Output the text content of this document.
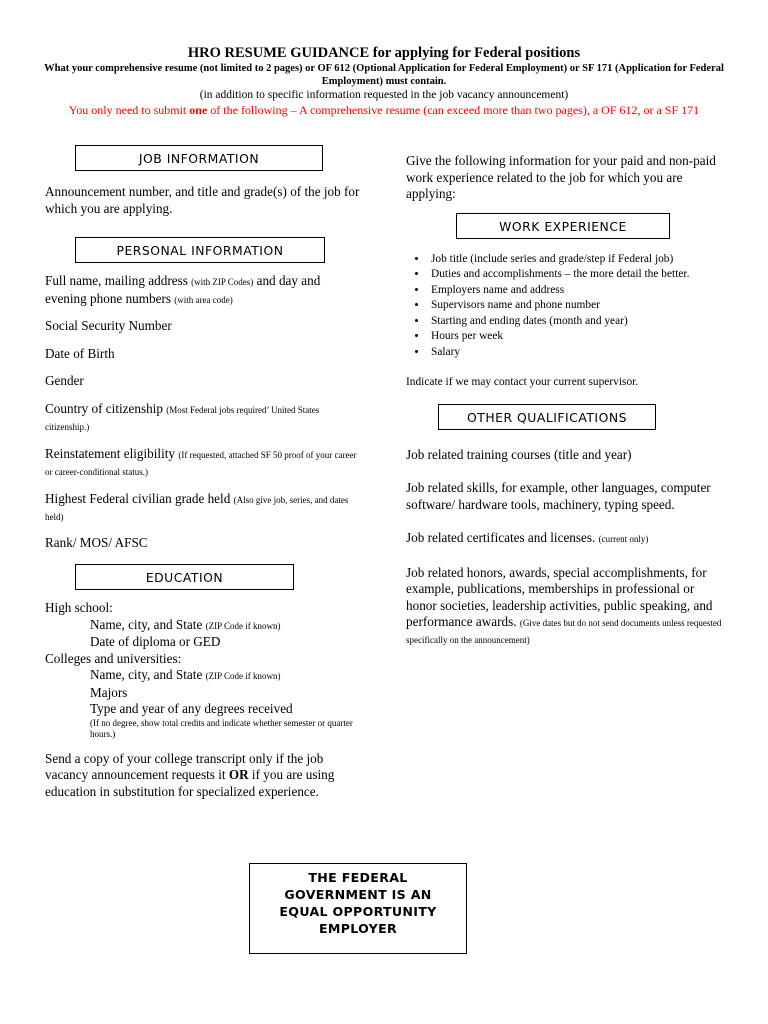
HRO RESUME GUIDANCE for applying for Federal positions
What your comprehensive resume (not limited to 2 pages) or OF 612 (Optional Application for Federal Employment) or SF 171 (Application for Federal Employment) must contain.
(in addition to specific information requested in the job vacancy announcement)
You only need to submit one of the following – A comprehensive resume (can exceed more than two pages), a OF 612, or a SF 171
JOB INFORMATION

Announcement number, and title and grade(s) of the job for which you are applying.

PERSONAL INFORMATION

Full name, mailing address (with ZIP Codes) and day and evening phone numbers (with area code)

Social Security Number

Date of Birth

Gender

Country of citizenship (Most Federal jobs required’ United States citizenship.)

Reinstatement eligibility (If requested, attached SF 50 proof of your career or career-conditional status.)

Highest Federal civilian grade held (Also give job, series, and dates held)

Rank/ MOS/ AFSC

EDUCATION

High school:

Name, city, and State (ZIP Code if known)

Date of diploma or GED

Colleges and universities:

Name, city, and State (ZIP Code if known)

Majors

Type and year of any degrees received

(If no degree, show total credits and indicate whether semester or quarter hours.)

Send a copy of your college transcript only if the job vacancy announcement requests it OR if you are using education in substitution for specialized experience.

Give the following information for your paid and non-paid work experience related to the job for which you are applying:

WORK EXPERIENCE
• Job title (include series and grade/step if Federal job)
• Duties and accomplishments – the more detail the better.
• Employers name and address
• Supervisors name and phone number
• Starting and ending dates (month and year)
• Hours per week
• Salary

Indicate if we may contact your current supervisor.

OTHER QUALIFICATIONS

Job related training courses (title and year)

Job related skills, for example, other languages, computer software/ hardware tools, machinery, typing speed.

Job related certificates and licenses. (current only)

Job related honors, awards, special accomplishments, for example, publications, memberships in professional or honor societies, leadership activities, public speaking, and performance awards. (Give dates but do not send documents unless requested specifically on the announcement)

THE FEDERAL
GOVERNMENT IS AN
EQUAL OPPORTUNITY
EMPLOYER
